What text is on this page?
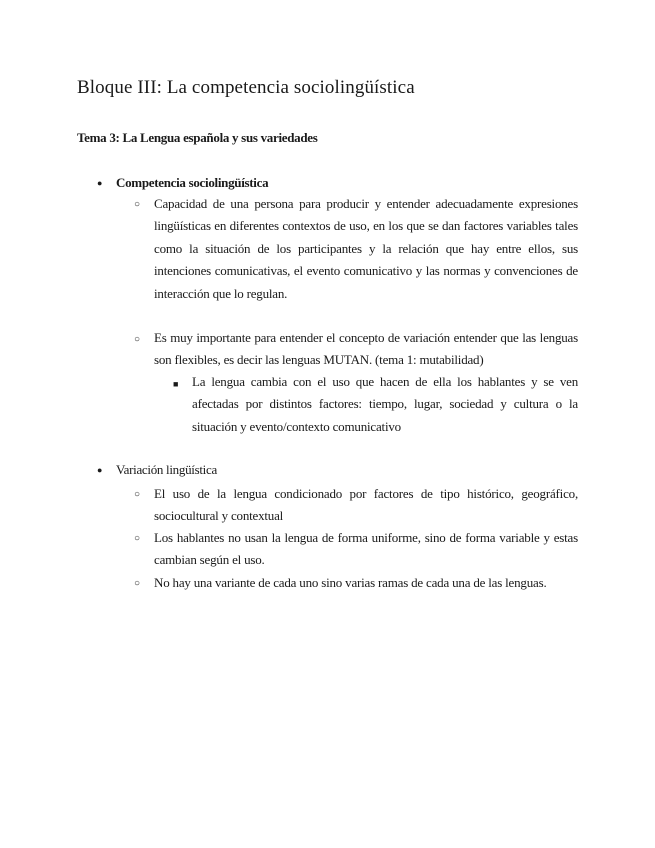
Bloque III: La competencia sociolingüística
Tema 3: La Lengua española y sus variedades
● Competencia sociolingüística
○ Capacidad de una persona para producir y entender adecuadamente expresiones lingüísticas en diferentes contextos de uso, en los que se dan factores variables tales como la situación de los participantes y la relación que hay entre ellos, sus intenciones comunicativas, el evento comunicativo y las normas y convenciones de interacción que lo regulan.

○ Es muy importante para entender el concepto de variación entender que las lenguas son flexibles, es decir las lenguas MUTAN. (tema 1: mutabilidad)

■ La lengua cambia con el uso que hacen de ella los hablantes y se ven afectadas por distintos factores: tiempo, lugar, sociedad y cultura o la situación y evento/contexto comunicativo

● Variación lingüística
○ El uso de la lengua condicionado por factores de tipo histórico, geográfico, sociocultural y contextual

○ Los hablantes no usan la lengua de forma uniforme, sino de forma variable y estas cambian según el uso.

○ No hay una variante de cada uno sino varias ramas de cada una de las lenguas.
